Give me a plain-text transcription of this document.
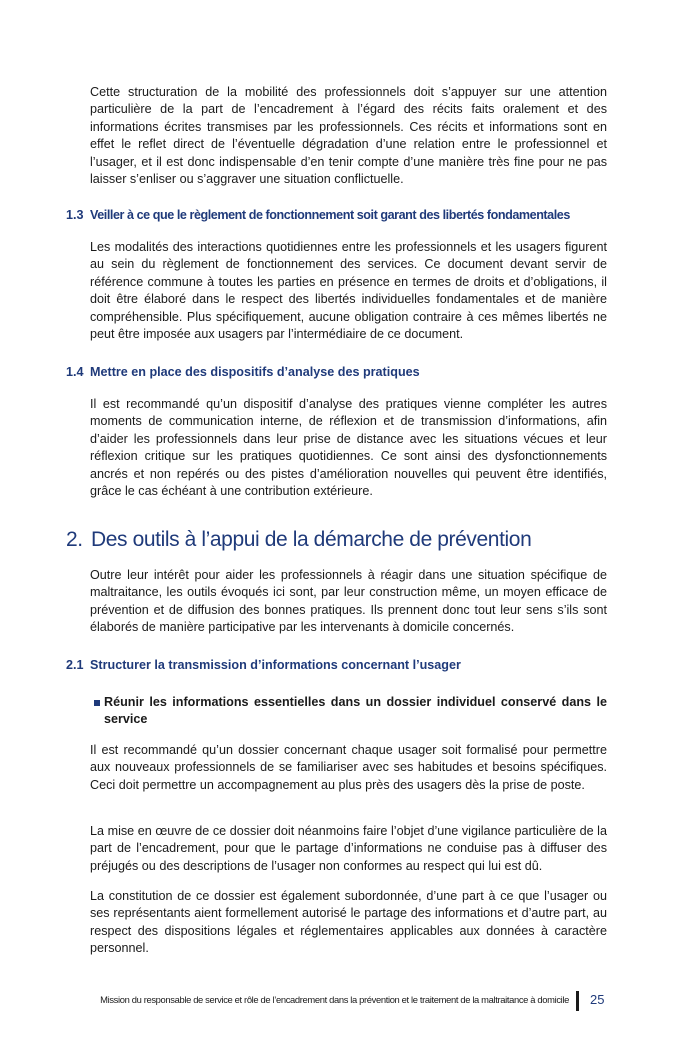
Cette structuration de la mobilité des professionnels doit s’appuyer sur une attention particulière de la part de l’encadrement à l’égard des récits faits oralement et des informations écrites transmises par les professionnels. Ces récits et informations sont en effet le reflet direct de l’éventuelle dégradation d’une relation entre le professionnel et l’usager, et il est donc indispensable d’en tenir compte d’une manière très fine pour ne pas laisser s’enliser ou s’aggraver une situation conflictuelle.

1.3 Veiller à ce que le règlement de fonctionnement soit garant des libertés fondamentales

Les modalités des interactions quotidiennes entre les professionnels et les usagers figurent au sein du règlement de fonctionnement des services. Ce document devant servir de référence commune à toutes les parties en présence en termes de droits et d’obligations, il doit être élaboré dans le respect des libertés individuelles fondamentales et de manière compréhensible. Plus spécifiquement, aucune obligation contraire à ces mêmes libertés ne peut être imposée aux usagers par l’intermédiaire de ce document.

1.4 Mettre en place des dispositifs d’analyse des pratiques

Il est recommandé qu’un dispositif d’analyse des pratiques vienne compléter les autres moments de communication interne, de réflexion et de transmission d’informations, afin d’aider les professionnels dans leur prise de distance avec les situations vécues et leur réflexion critique sur les pratiques quotidiennes. Ce sont ainsi des dysfonctionnements ancrés et non repérés ou des pistes d’amélioration nouvelles qui peuvent être identifiés, grâce le cas échéant à une contribution extérieure.

2. Des outils à l’appui de la démarche de prévention

Outre leur intérêt pour aider les professionnels à réagir dans une situation spécifique de maltraitance, les outils évoqués ici sont, par leur construction même, un moyen efficace de prévention et de diffusion des bonnes pratiques. Ils prennent donc tout leur sens s’ils sont élaborés de manière participative par les intervenants à domicile concernés.

2.1 Structurer la transmission d’informations concernant l’usager
Réunir les informations essentielles dans un dossier individuel conservé dans le service

Il est recommandé qu’un dossier concernant chaque usager soit formalisé pour permettre aux nouveaux professionnels de se familiariser avec ses habitudes et besoins spécifiques. Ceci doit permettre un accompagnement au plus près des usagers dès la prise de poste.

La mise en œuvre de ce dossier doit néanmoins faire l’objet d’une vigilance particulière de la part de l’encadrement, pour que le partage d’informations ne conduise pas à diffuser des préjugés ou des descriptions de l’usager non conformes au respect qui lui est dû.

La constitution de ce dossier est également subordonnée, d’une part à ce que l’usager ou ses représentants aient formellement autorisé le partage des informations et d’autre part, au respect des dispositions légales et réglementaires applicables aux données à caractère personnel.

Mission du responsable de service et rôle de l’encadrement dans la prévention et le traitement de la maltraitance à domicile 25
